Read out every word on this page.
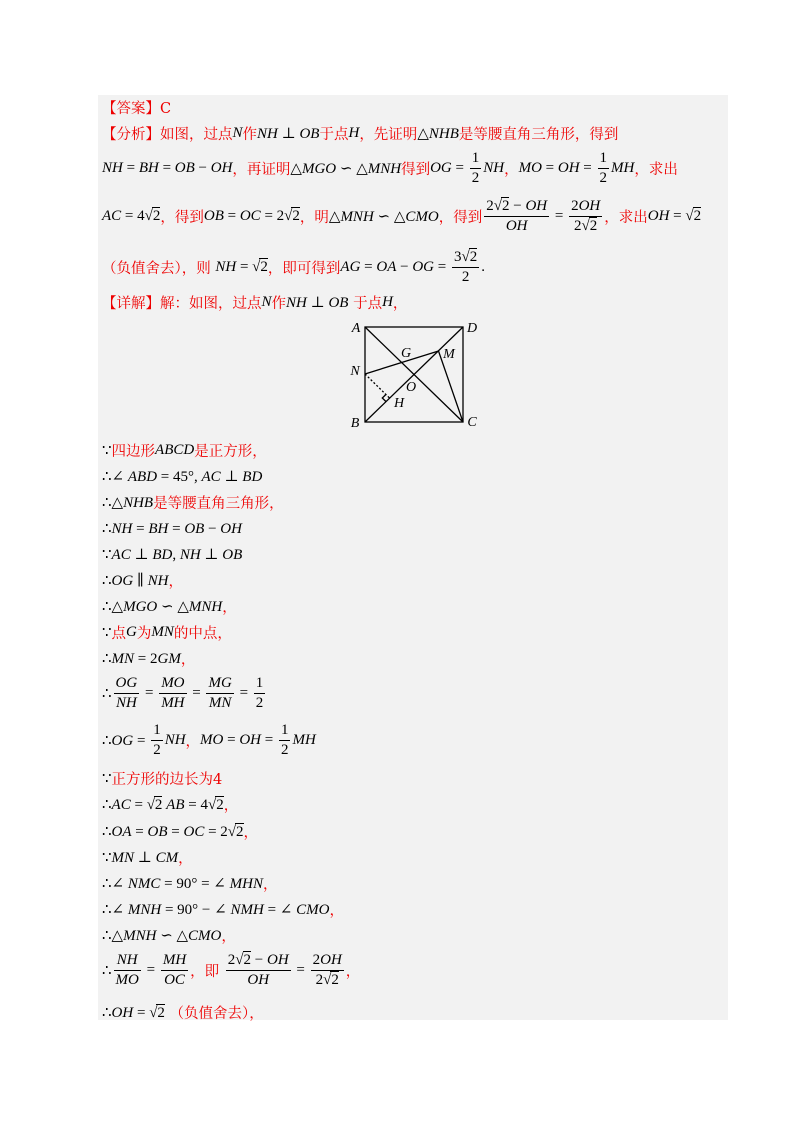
【答案】C
【分析】如图，过点 N 作 NH ⊥ OB 于点 H ，先证明 △NHB 是等腰直角三角形，得到
NH = BH = OB − OH ，再证明 △MGO ∽ △MNH 得到 OG = $\frac{1}{2}$ NH ， MO = OH = $\frac{1}{2}$ MH ，求出
AC = 4√2 ，得到 OB = OC = 2√2 ，明 △MNH ∽ △CMO ，得到 $\frac{2√2 - OH}{OH} = \frac{2OH}{2√2}$ ，求出 OH = √2
（负值舍去），则 NH = √2 ，即可得到 AG = OA − OG = $\frac{3√2}{2}$ .
【详解】解：如图，过点 N 作 NH ⊥ OB 于点 H ，
∵ 四边形 ABCD 是正方形，
∴∠ ABD = 45°, AC ⊥ BD
∴△NHB 是等腰直角三角形，
∴NH = BH = OB − OH
∵AC ⊥ BD, NH ⊥ OB
∴OG ∥ NH ，
∴△MGO ∽ △MNH ，
∵ 点 G 为 MN 的中点，
∴MN = 2GM ，
∴ $\frac{OG}{NH} = \frac{MO}{MH} = \frac{MG}{MN} = \frac{1}{2}$
∴OG = $\frac{1}{2}$ NH ， MO = OH = $\frac{1}{2}$ MH
∵ 正方形的边长为4
∴AC = √2 AB = 4√2 ，
∴OA = OB = OC = 2√2 ，
∵MN ⊥ CM ，
∴∠ NMC = 90° = ∠ MHN ，
∴∠ MNH = 90° − ∠ NMH = ∠ CMO ，
∴△MNH ∽ △CMO ，
∴ $\frac{NH}{MO} = \frac{MH}{OC}$ ，即 $\frac{2√2 - OH}{OH} = \frac{2OH}{2√2}$ ，
∴OH = √2 （负值舍去），
A	D
B	C
N
G M
O
H
